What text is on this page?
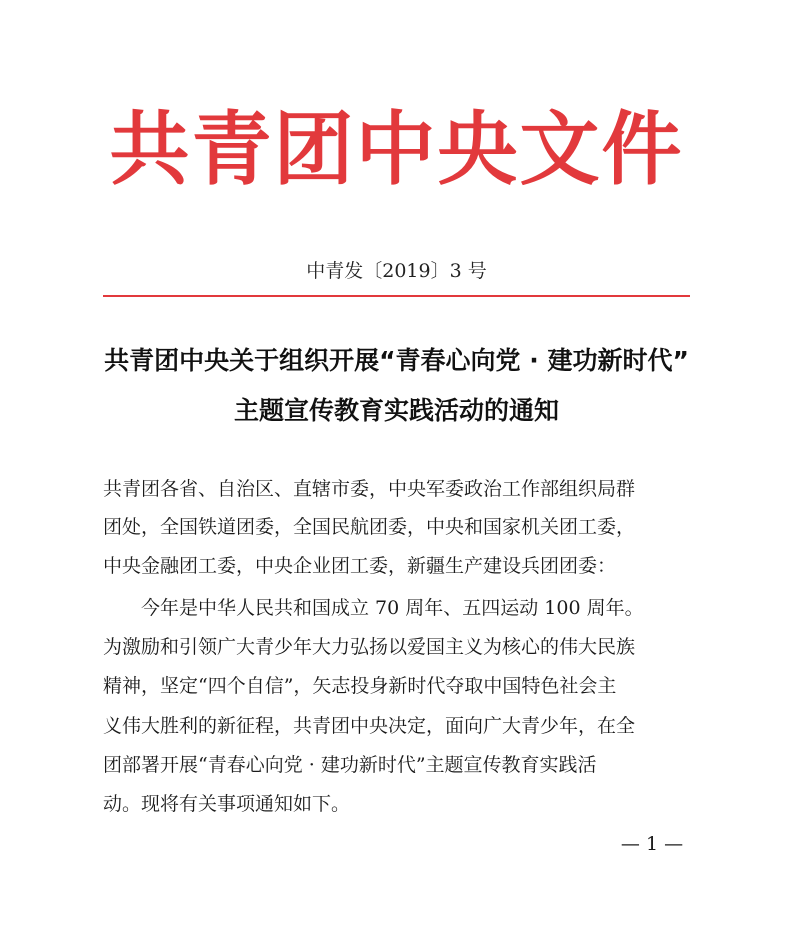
共青团中央文件
中青发〔2019〕3 号
共青团中央关于组织开展“青春心向党 · 建功新时代”
主题宣传教育实践活动的通知
共青团各省、自治区、直辖市委，中央军委政治工作部组织局群
团处，全国铁道团委，全国民航团委，中央和国家机关团工委，
中央金融团工委，中央企业团工委，新疆生产建设兵团团委：
今年是中华人民共和国成立 70 周年、五四运动 100 周年。
为激励和引领广大青少年大力弘扬以爱国主义为核心的伟大民族
精神，坚定“四个自信”，矢志投身新时代夺取中国特色社会主
义伟大胜利的新征程，共青团中央决定，面向广大青少年，在全
团部署开展“青春心向党 · 建功新时代”主题宣传教育实践活
动。现将有关事项通知如下。
— 1 —
